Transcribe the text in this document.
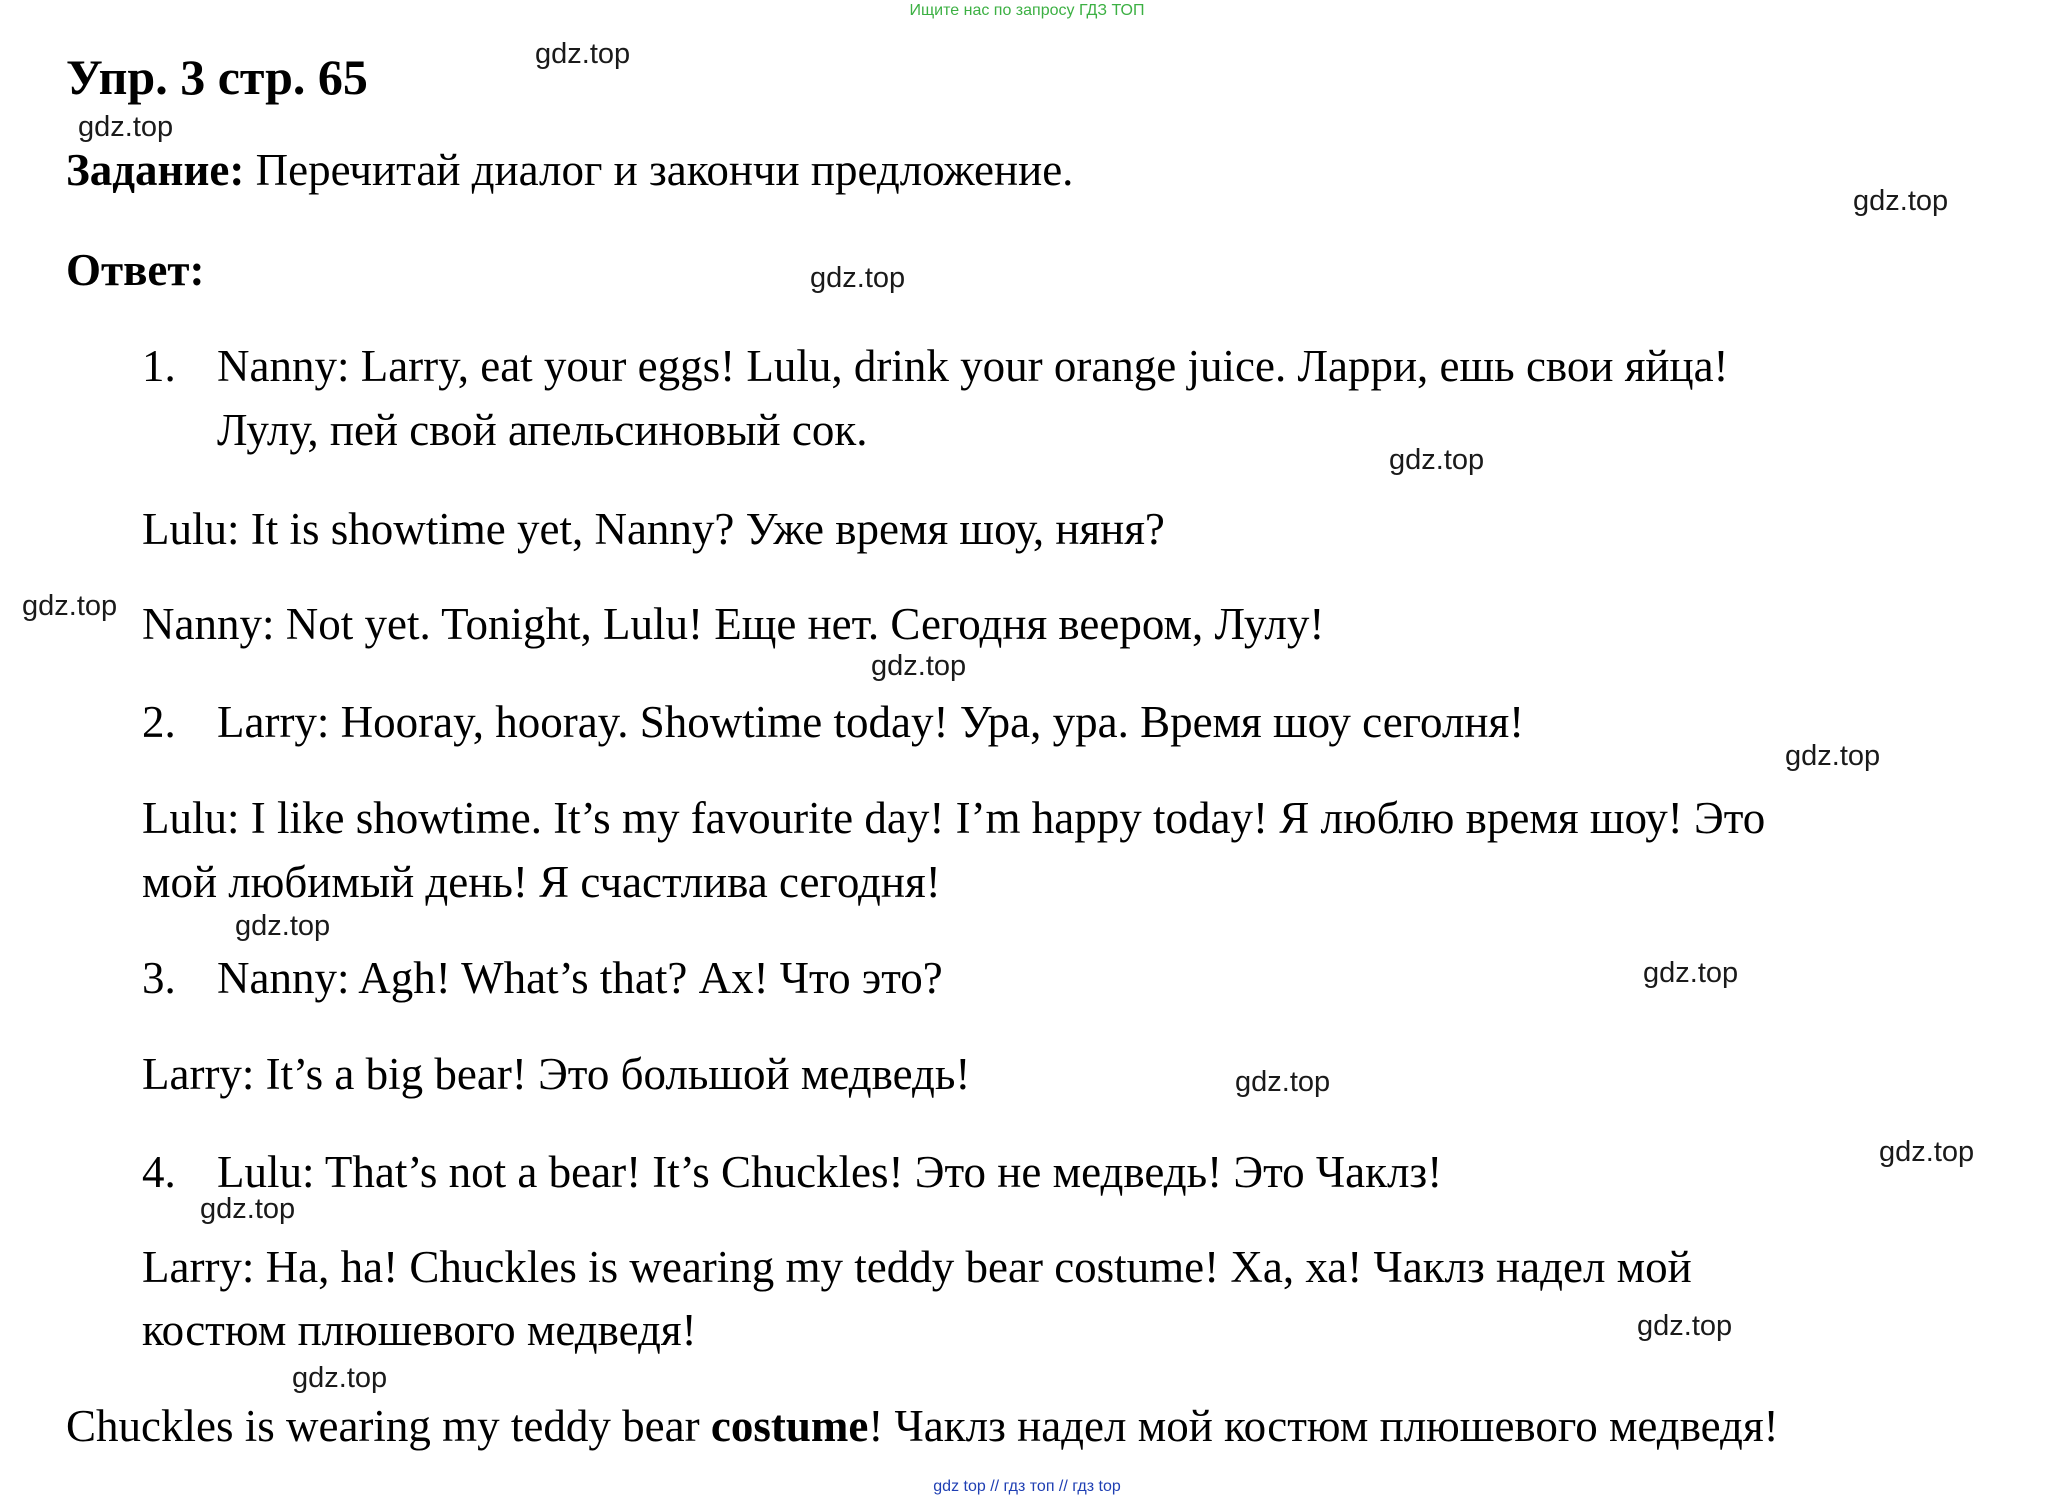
Ищите нас по запросу ГДЗ ТОП
Упр. 3 стр. 65
Задание: Перечитай диалог и закончи предложение.
Ответ:
1. Nanny: Larry, eat your eggs! Lulu, drink your orange juice. Ларри, ешь свои яйца!
Лулу, пей свой апельсиновый сок.
Lulu: It is showtime yet, Nanny? Уже время шоу, няня?
Nanny: Not yet. Tonight, Lulu! Еще нет. Сегодня веером, Лулу!
2. Larry: Hooray, hooray. Showtime today! Ура, ура. Время шоу сеголня!
Lulu: I like showtime. It’s my favourite day! I’m happy today! Я люблю время шоу! Это
мой любимый день! Я счастлива сегодня!
3. Nanny: Agh! What’s that? Ах! Что это?
Larry: It’s a big bear! Это большой медведь!
4. Lulu: That’s not a bear! It’s Chuckles! Это не медведь! Это Чаклз!
Larry: Ha, ha! Chuckles is wearing my teddy bear costume! Ха, ха! Чаклз надел мой
костюм плюшевого медведя!
Chuckles is wearing my teddy bear costume! Чаклз надел мой костюм плюшевого медведя!
gdz.top
gdz.top
gdz.top
gdz.top
gdz.top
gdz.top
gdz.top
gdz.top
gdz.top
gdz.top
gdz.top
gdz.top
gdz.top
gdz.top
gdz.top
gdz top // гдз топ // гдз top
